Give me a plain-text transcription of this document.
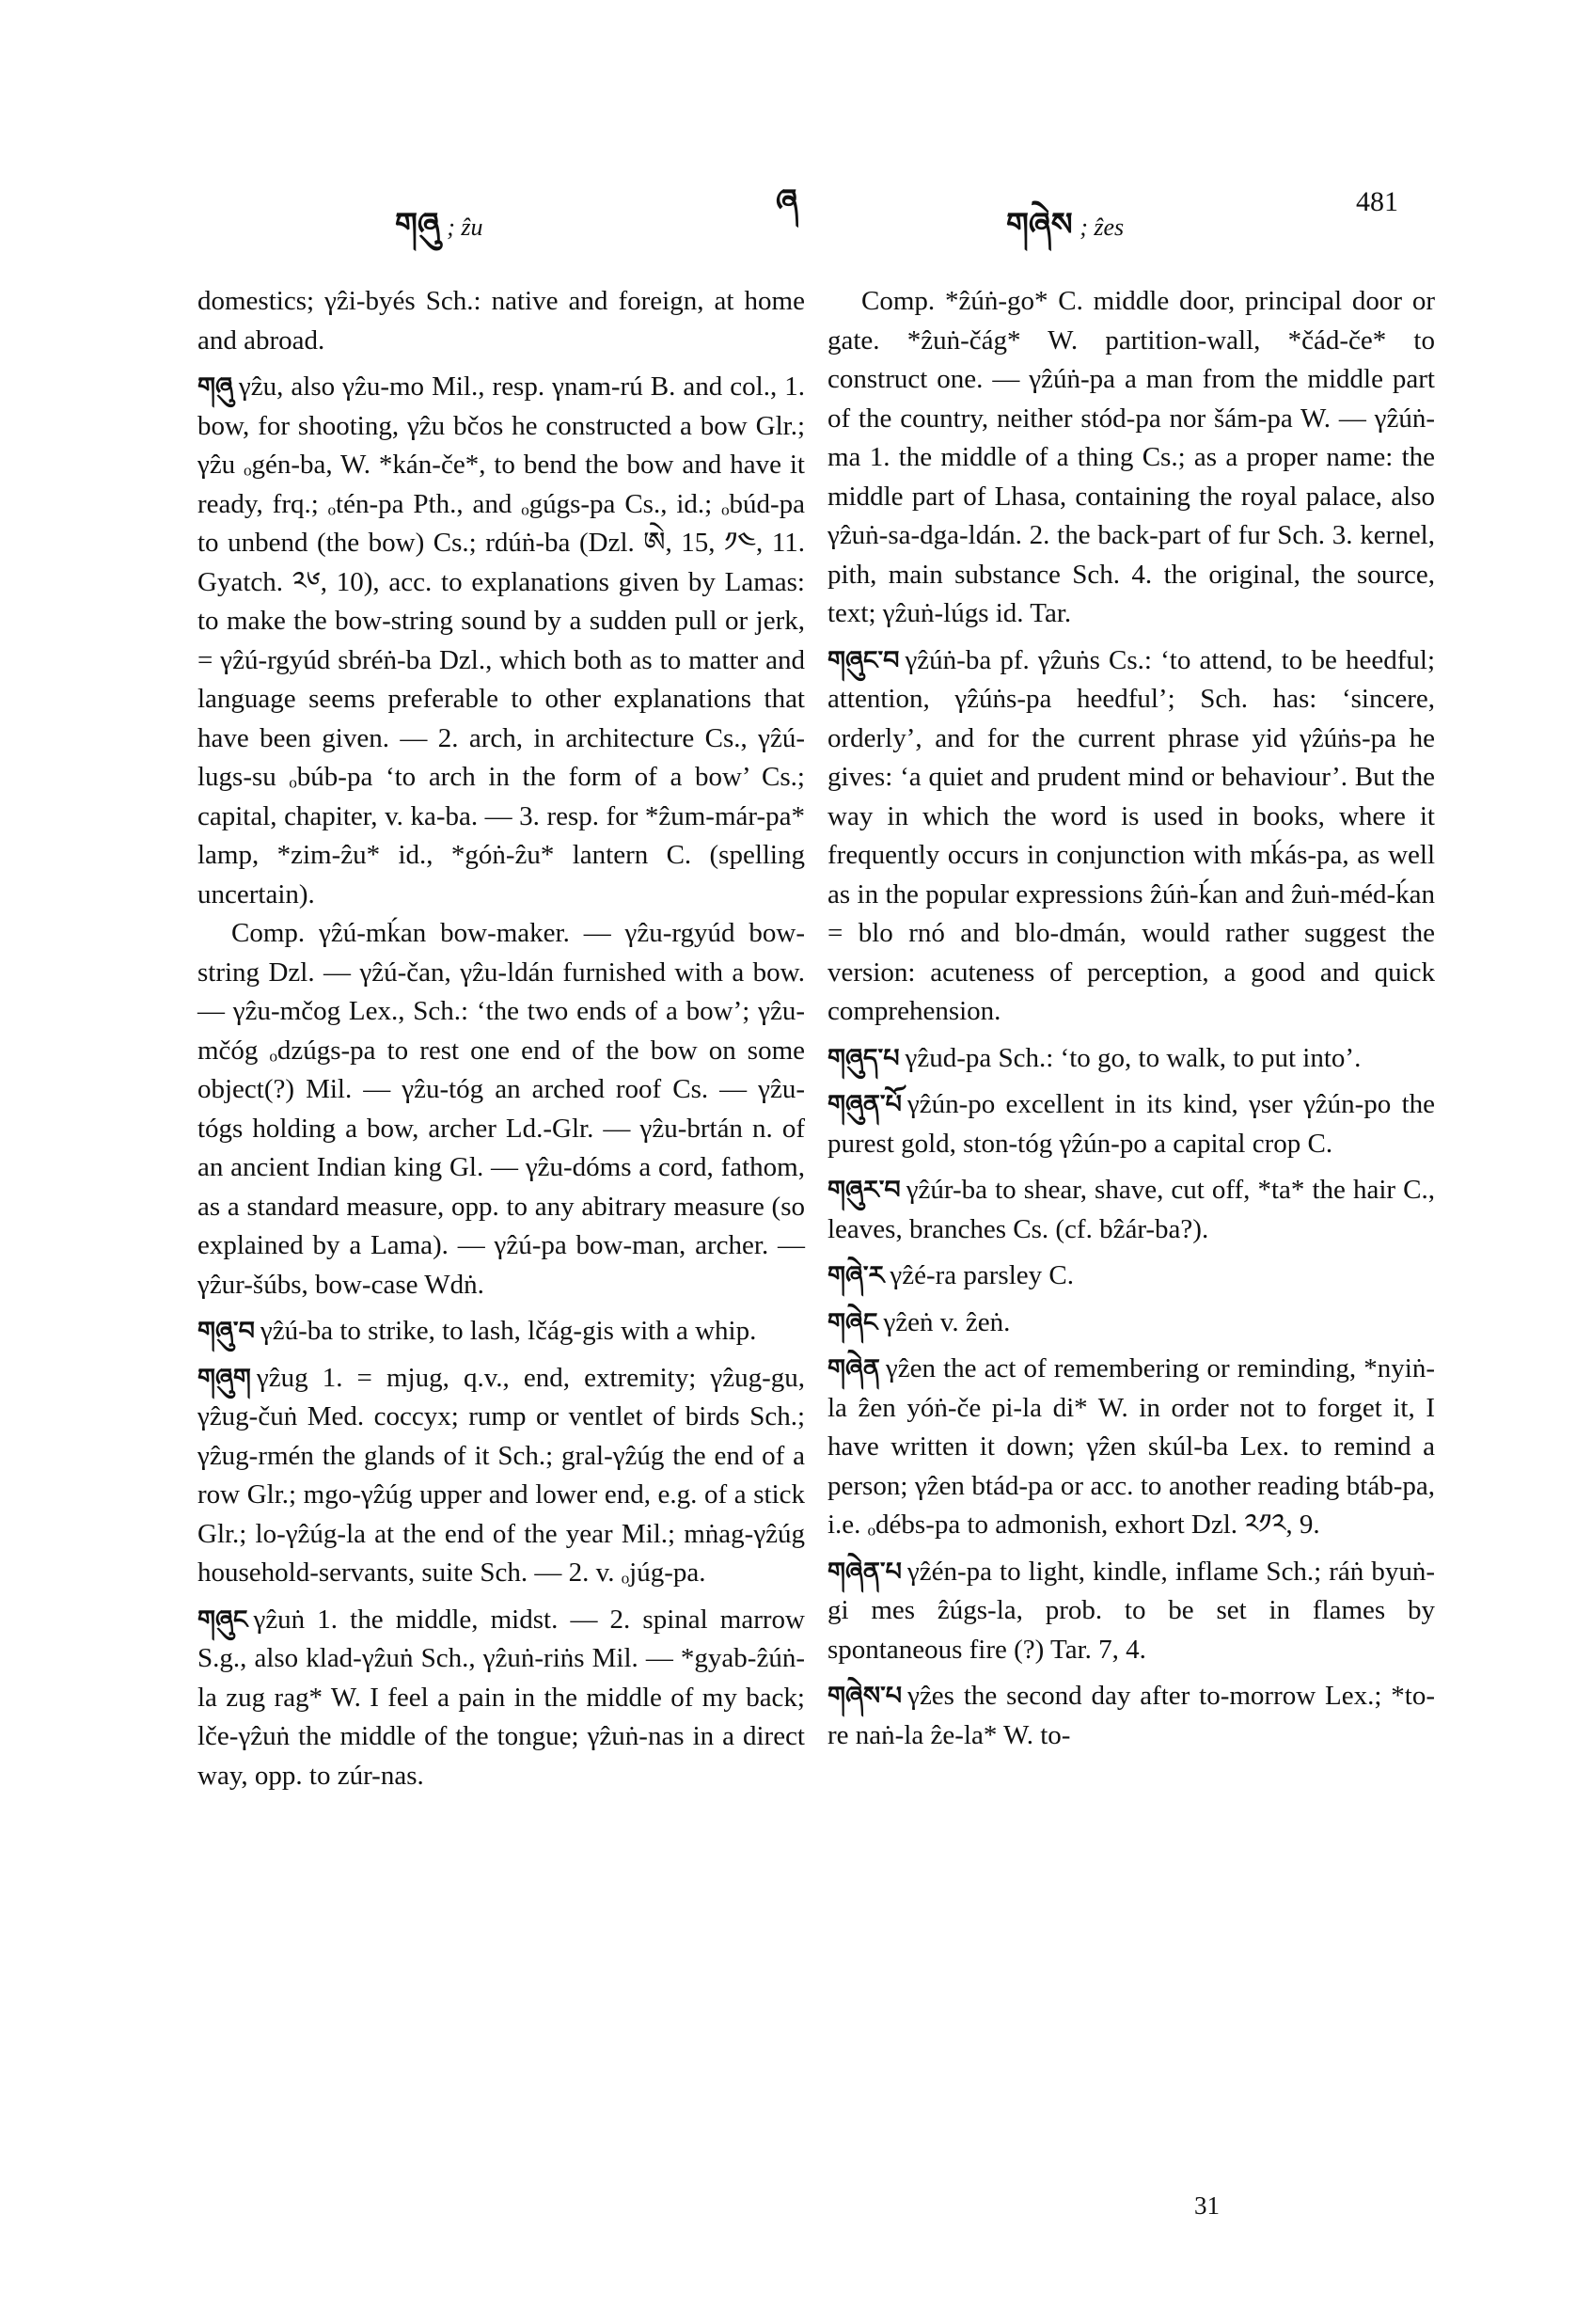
གཞུ ; ẑu
ཞ
གཞེས ; ẑes
481

domestics; γẑi-byés Sch.: native and foreign, at home and abroad.

གཞུ γẑu, also γẑu-mo Mil., resp. γnam-rú B. and col., 1. bow, for shooting, γẑu bčos he constructed a bow Glr.; γẑu ₒgén-ba, W. *kán-če*, to bend the bow and have it ready, frq.; ₒtén-pa Pth., and ₒgúgs-pa Cs., id.; ₒbúd-pa to unbend (the bow) Cs.; rdúṅ-ba (Dzl. ཨེ, 15, ༡༤, 11. Gyatch. ༢༦, 10), acc. to explanations given by Lamas: to make the bow-string sound by a sudden pull or jerk, = γẑú-rgyúd sbréṅ-ba Dzl., which both as to matter and language seems preferable to other explanations that have been given. — 2. arch, in architecture Cs., γẑú-lugs-su ₒbúb-pa ‘to arch in the form of a bow’ Cs.; capital, chapiter, v. ka-ba. — 3. resp. for *ẑum-már-pa* lamp, *zim-ẑu* id., *góṅ-ẑu* lantern C. (spelling uncertain).

Comp. γẑú-mḱan bow-maker. — γẑu-rgyúd bow-string Dzl. — γẑú-čan, γẑu-ldán furnished with a bow. — γẑu-mčog Lex., Sch.: ‘the two ends of a bow’; γẑu-mčóg ₒdzúgs-pa to rest one end of the bow on some object(?) Mil. — γẑu-tóg an arched roof Cs. — γẑu-tógs holding a bow, archer Ld.-Glr. — γẑu-brtán n. of an ancient Indian king Gl. — γẑu-dóms a cord, fathom, as a standard measure, opp. to any abitrary measure (so explained by a Lama). — γẑú-pa bow-man, archer. — γẑur-šúbs, bow-case Wdṅ.

གཞུ་བ γẑú-ba to strike, to lash, lčág-gis with a whip.

གཞུག γẑug 1. = mjug, q.v., end, extremity; γẑug-gu, γẑug-čuṅ Med. coccyx; rump or ventlet of birds Sch.; γẑug-rmén the glands of it Sch.; gral-γẑúg the end of a row Glr.; mgo-γẑúg upper and lower end, e.g. of a stick Glr.; lo-γẑúg-la at the end of the year Mil.; mṅag-γẑúg household-servants, suite Sch. — 2. v. ₒjúg-pa.

གཞུང γẑuṅ 1. the middle, midst. — 2. spinal marrow S.g., also klad-γẑuṅ Sch., γẑuṅ-riṅs Mil. — *gyab-ẑúṅ-la zug rag* W. I feel a pain in the middle of my back; lče-γẑuṅ the middle of the tongue; γẑuṅ-nas in a direct way, opp. to zúr-nas.

Comp. *ẑúṅ-go* C. middle door, principal door or gate. *ẑuṅ-čág* W. partition-wall, *čád-če* to construct one. — γẑúṅ-pa a man from the middle part of the country, neither stód-pa nor šám-pa W. — γẑúṅ-ma 1. the middle of a thing Cs.; as a proper name: the middle part of Lhasa, containing the royal palace, also γẑuṅ-sa-dga-ldán. 2. the back-part of fur Sch. 3. kernel, pith, main substance Sch. 4. the original, the source, text; γẑuṅ-lúgs id. Tar.

གཞུང་བ γẑúṅ-ba pf. γẑuṅs Cs.: ‘to attend, to be heedful; attention, γẑúṅs-pa heedful’; Sch. has: ‘sincere, orderly’, and for the current phrase yid γẑúṅs-pa he gives: ‘a quiet and prudent mind or behaviour’. But the way in which the word is used in books, where it frequently occurs in conjunction with mḱás-pa, as well as in the popular expressions ẑúṅ-ḱan and ẑuṅ-méd-ḱan = blo rnó and blo-dmán, would rather suggest the version: acuteness of perception, a good and quick comprehension.

གཞུད་པ γẑud-pa Sch.: ‘to go, to walk, to put into’.

གཞུན་པོ γẑún-po excellent in its kind, γser γẑún-po the purest gold, ston-tóg γẑún-po a capital crop C.

གཞུར་བ γẑúr-ba to shear, shave, cut off, *ta* the hair C., leaves, branches Cs. (cf. bẑár-ba?).

གཞེ་ར γẑé-ra parsley C.

གཞེང γẑeṅ v. ẑeṅ.

གཞེན γẑen the act of remembering or reminding, *nyiṅ-la ẑen yóṅ-če pi-la di* W. in order not to forget it, I have written it down; γẑen skúl-ba Lex. to remind a person; γẑen btád-pa or acc. to another reading btáb-pa, i.e. ₒdébs-pa to admonish, exhort Dzl. ༢༡༢, 9.

གཞེན་པ γẑén-pa to light, kindle, inflame Sch.; ráṅ byuṅ-gi mes ẑúgs-la, prob. to be set in flames by spontaneous fire (?) Tar. 7, 4.

གཞེས་པ γẑes the second day after to-morrow Lex.; *to-re naṅ-la ẑe-la* W. to-

31
